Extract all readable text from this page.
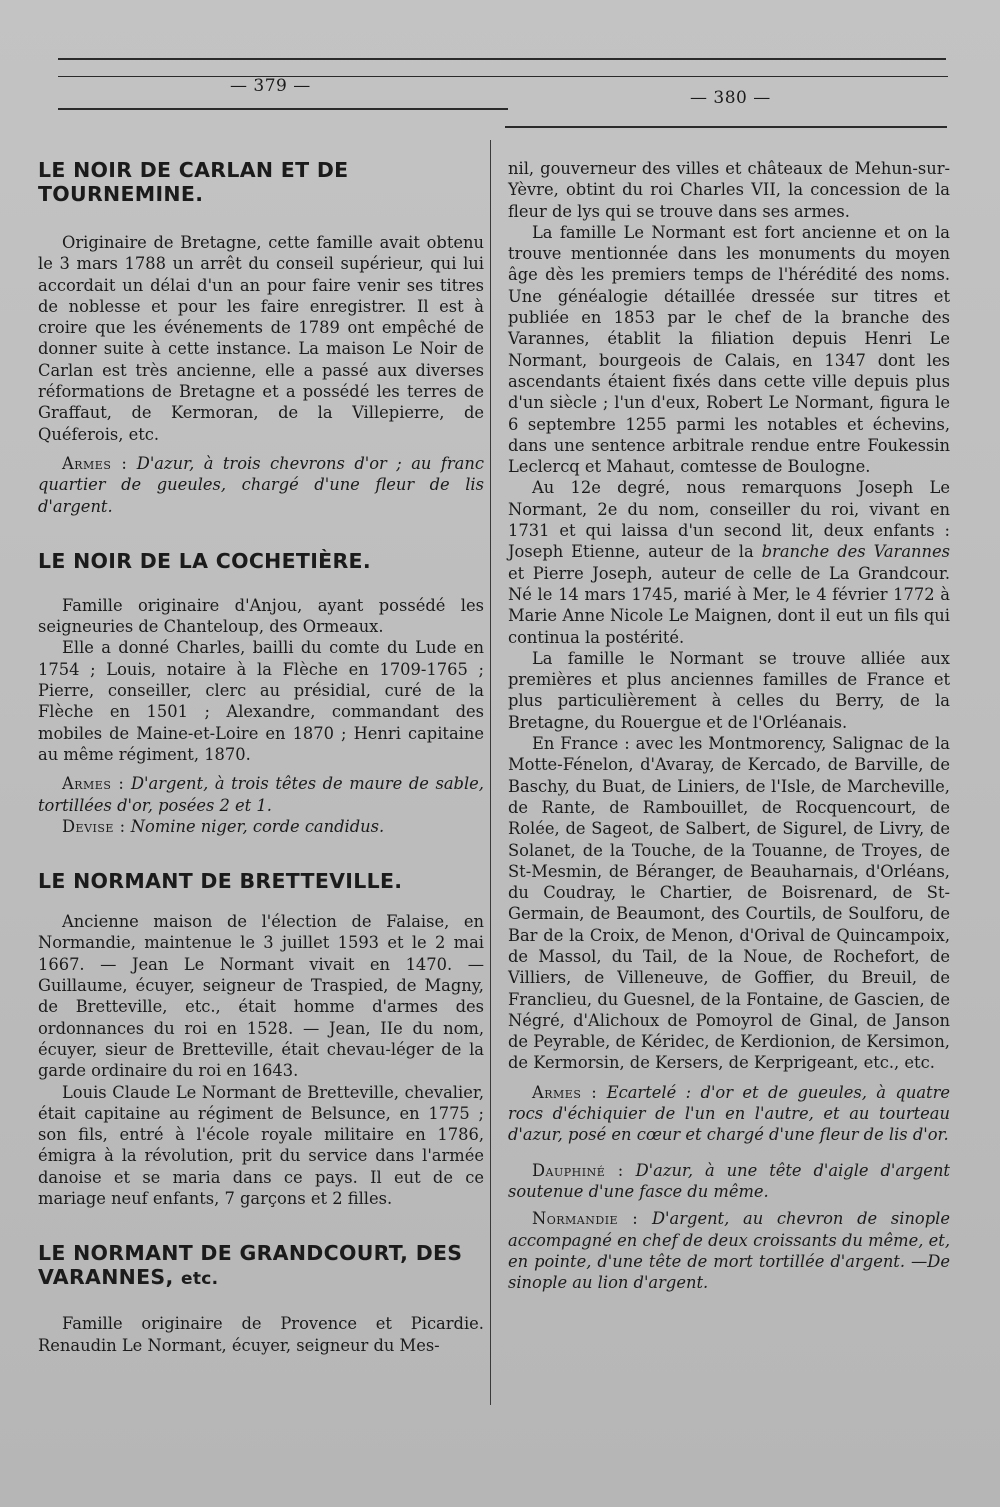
— 379 —
— 380 —
LE NOIR DE CARLAN ET DE TOURNEMINE.

Originaire de Bretagne, cette famille avait obtenu le 3 mars 1788 un arrêt du conseil supérieur, qui lui accordait un délai d'un an pour faire venir ses titres de noblesse et pour les faire enregistrer. Il est à croire que les événements de 1789 ont empêché de donner suite à cette instance. La maison Le Noir de Carlan est très ancienne, elle a passé aux diverses réformations de Bretagne et a possédé les terres de Graffaut, de Kermoran, de la Villepierre, de Quéferois, etc.

Armes : D'azur, à trois chevrons d'or ; au franc quartier de gueules, chargé d'une fleur de lis d'argent.
LE NOIR DE LA COCHETIÈRE.

Famille originaire d'Anjou, ayant possédé les seigneuries de Chanteloup, des Ormeaux.

Elle a donné Charles, bailli du comte du Lude en 1754 ; Louis, notaire à la Flèche en 1709-1765 ; Pierre, conseiller, clerc au présidial, curé de la Flèche en 1501 ; Alexandre, commandant des mobiles de Maine-et-Loire en 1870 ; Henri capitaine au même régiment, 1870.

Armes : D'argent, à trois têtes de maure de sable, tortillées d'or, posées 2 et 1.
Devise : Nomine niger, corde candidus.
LE NORMANT DE BRETTEVILLE.

Ancienne maison de l'élection de Falaise, en Normandie, maintenue le 3 juillet 1593 et le 2 mai 1667. — Jean Le Normant vivait en 1470. — Guillaume, écuyer, seigneur de Traspied, de Magny, de Bretteville, etc., était homme d'armes des ordonnances du roi en 1528. — Jean, IIe du nom, écuyer, sieur de Bretteville, était chevau-léger de la garde ordinaire du roi en 1643.

Louis Claude Le Normant de Bretteville, chevalier, était capitaine au régiment de Belsunce, en 1775 ; son fils, entré à l'école royale militaire en 1786, émigra à la révolution, prit du service dans l'armée danoise et se maria dans ce pays. Il eut de ce mariage neuf enfants, 7 garçons et 2 filles.

LE NORMANT DE GRANDCOURT, DES VARANNES, etc.

Famille originaire de Provence et Picardie. Renaudin Le Normant, écuyer, seigneur du Mes-

nil, gouverneur des villes et châteaux de Mehun-sur-Yèvre, obtint du roi Charles VII, la concession de la fleur de lys qui se trouve dans ses armes.

La famille Le Normant est fort ancienne et on la trouve mentionnée dans les monuments du moyen âge dès les premiers temps de l'hérédité des noms. Une généalogie détaillée dressée sur titres et publiée en 1853 par le chef de la branche des Varannes, établit la filiation depuis Henri Le Normant, bourgeois de Calais, en 1347 dont les ascendants étaient fixés dans cette ville depuis plus d'un siècle ; l'un d'eux, Robert Le Normant, figura le 6 septembre 1255 parmi les notables et échevins, dans une sentence arbitrale rendue entre Foukessin Leclercq et Mahaut, comtesse de Boulogne.

Au 12e degré, nous remarquons Joseph Le Normant, 2e du nom, conseiller du roi, vivant en 1731 et qui laissa d'un second lit, deux enfants : Joseph Etienne, auteur de la branche des Varannes et Pierre Joseph, auteur de celle de La Grandcour. Né le 14 mars 1745, marié à Mer, le 4 février 1772 à Marie Anne Nicole Le Maignen, dont il eut un fils qui continua la postérité.

La famille le Normant se trouve alliée aux premières et plus anciennes familles de France et plus particulièrement à celles du Berry, de la Bretagne, du Rouergue et de l'Orléanais.

En France : avec les Montmorency, Salignac de la Motte-Fénelon, d'Avaray, de Kercado, de Barville, de Baschy, du Buat, de Liniers, de l'Isle, de Marcheville, de Rante, de Rambouillet, de Rocquencourt, de Rolée, de Sageot, de Salbert, de Sigurel, de Livry, de Solanet, de la Touche, de la Touanne, de Troyes, de St-Mesmin, de Béranger, de Beauharnais, d'Orléans, du Coudray, le Chartier, de Boisrenard, de St-Germain, de Beaumont, des Courtils, de Soulforu, de Bar de la Croix, de Menon, d'Orival de Quincampoix, de Massol, du Tail, de la Noue, de Rochefort, de Villiers, de Villeneuve, de Goffier, du Breuil, de Franclieu, du Guesnel, de la Fontaine, de Gascien, de Négré, d'Alichoux de Pomoyrol de Ginal, de Janson de Peyrable, de Kéridec, de Kerdionion, de Kersimon, de Kermorsin, de Kersers, de Kerprigeant, etc., etc.

Armes : Ecartelé : d'or et de gueules, à quatre rocs d'échiquier de l'un en l'autre, et au tourteau d'azur, posé en cœur et chargé d'une fleur de lis d'or.
Dauphiné : D'azur, à une tête d'aigle d'argent soutenue d'une fasce du même.
Normandie : D'argent, au chevron de sinople accompagné en chef de deux croissants du même, et, en pointe, d'une tête de mort tortillée d'argent. —De sinople au lion d'argent.
